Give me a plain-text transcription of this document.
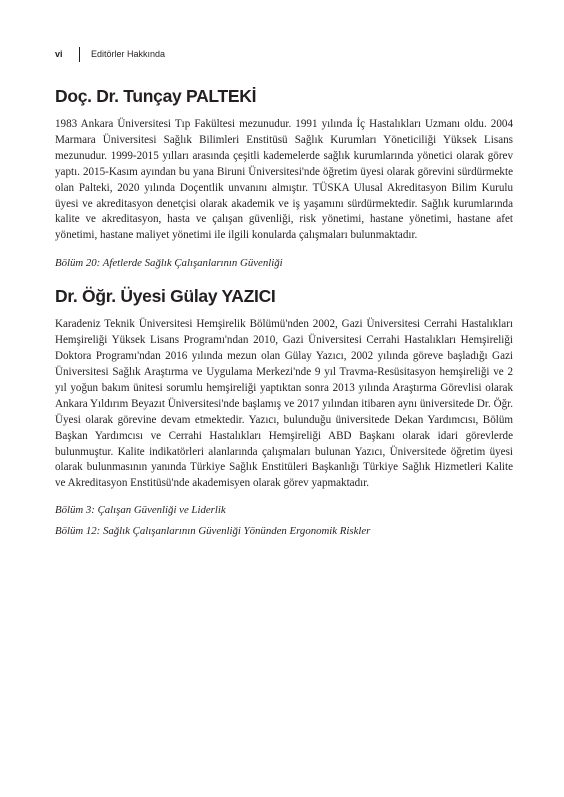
vi	Editörler Hakkında
Doç. Dr. Tunçay PALTEKİ

1983 Ankara Üniversitesi Tıp Fakültesi mezunudur. 1991 yılında İç Hastalıkları Uzmanı oldu. 2004 Marmara Üniversitesi Sağlık Bilimleri Enstitüsü Sağlık Kurumları Yöneticiliği Yüksek Lisans mezunudur. 1999-2015 yılları arasında çeşitli kademelerde sağlık kurumlarında yönetici olarak görev yaptı. 2015-Kasım ayından bu yana Biruni Üniversitesi'nde öğretim üyesi olarak görevini sürdürmekte olan Palteki, 2020 yılında Doçentlik unvanını almıştır. TÜSKA Ulusal Akreditasyon Bilim Kurulu üyesi ve akreditasyon denetçisi olarak akademik ve iş yaşamını sürdürmektedir. Sağlık kurumlarında kalite ve akreditasyon, hasta ve çalışan güvenliği, risk yönetimi, hastane yönetimi, hastane afet yönetimi, hastane maliyet yönetimi ile ilgili konularda çalışmaları bulunmaktadır.

Bölüm 20: Afetlerde Sağlık Çalışanlarının Güvenliği

Dr. Öğr. Üyesi Gülay YAZICI

Karadeniz Teknik Üniversitesi Hemşirelik Bölümü'nden 2002, Gazi Üniversitesi Cerrahi Hastalıkları Hemşireliği Yüksek Lisans Programı'ndan 2010, Gazi Üniversitesi Cerrahi Hastalıkları Hemşireliği Doktora Programı'ndan 2016 yılında mezun olan Gülay Yazıcı, 2002 yılında göreve başladığı Gazi Üniversitesi Sağlık Araştırma ve Uygulama Merkezi'nde 9 yıl Travma-Resüsitasyon hemşireliği ve 2 yıl yoğun bakım ünitesi sorumlu hemşireliği yaptıktan sonra 2013 yılında Araştırma Görevlisi olarak Ankara Yıldırım Beyazıt Üniversitesi'nde başlamış ve 2017 yılından itibaren aynı üniversitede Dr. Öğr. Üyesi olarak görevine devam etmektedir. Yazıcı, bulunduğu üniversitede Dekan Yardımcısı, Bölüm Başkan Yardımcısı ve Cerrahi Hastalıkları Hemşireliği ABD Başkanı olarak idari görevlerde bulunmuştur. Kalite indikatörleri alanlarında çalışmaları bulunan Yazıcı, Üniversitede öğretim üyesi olarak bulunmasının yanında Türkiye Sağlık Enstitüleri Başkanlığı Türkiye Sağlık Hizmetleri Kalite ve Akreditasyon Enstitüsü'nde akademisyen olarak görev yapmaktadır.

Bölüm 3: Çalışan Güvenliği ve Liderlik

Bölüm 12: Sağlık Çalışanlarının Güvenliği Yönünden Ergonomik Riskler
